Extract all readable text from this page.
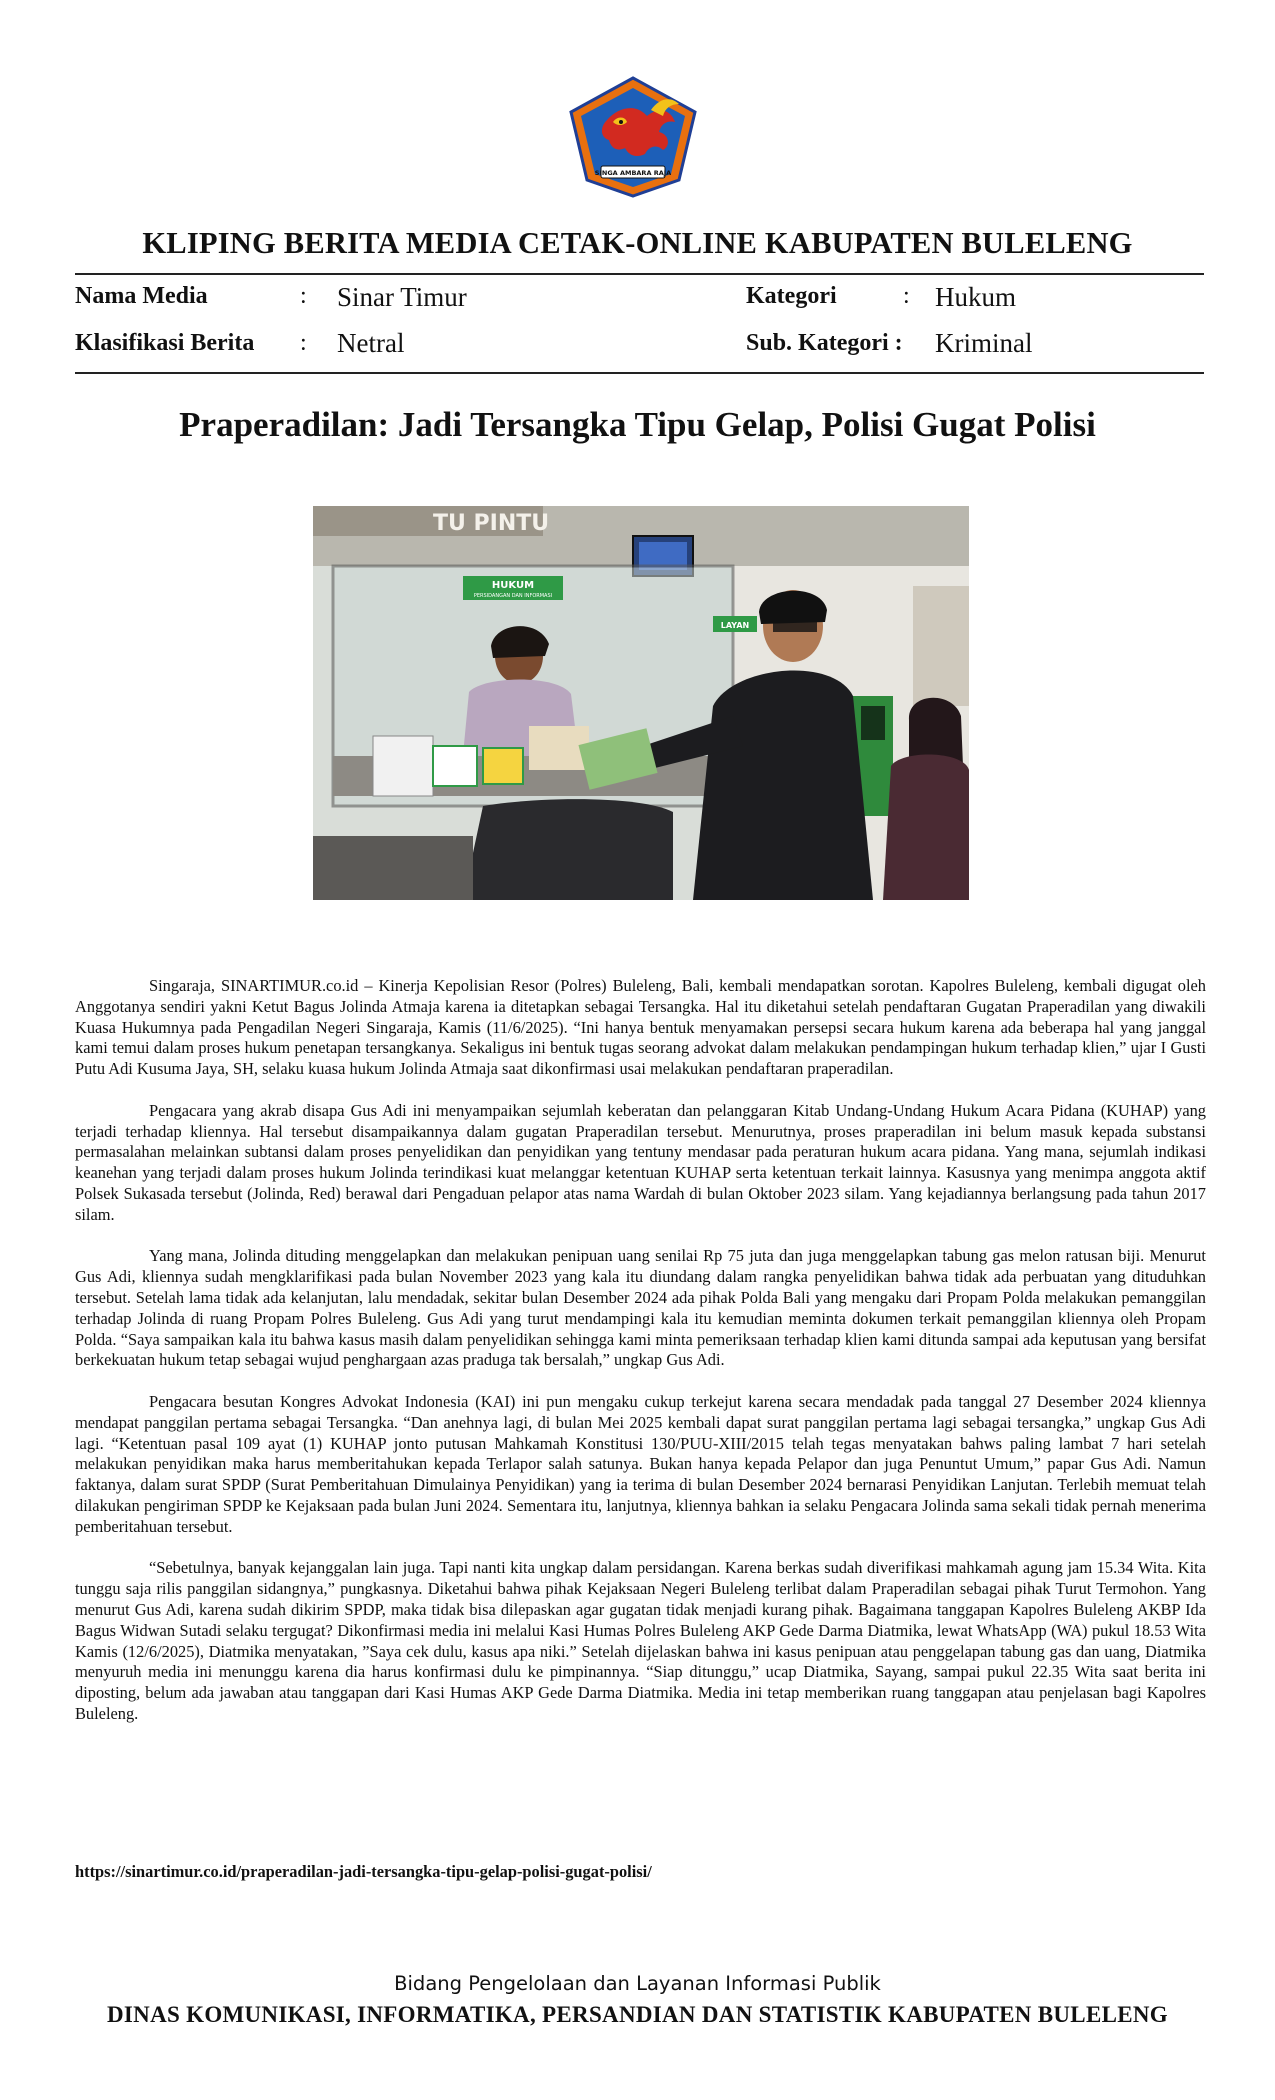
SINGA AMBARA RAJA
KLIPING BERITA MEDIA CETAK-ONLINE KABUPATEN BULELENG
Nama Media	: Sinar Timur
Klasifikasi Berita : Netral
Kategori	: Hukum
Sub. Kategori : Kriminal
Praperadilan: Jadi Tersangka Tipu Gelap, Polisi Gugat Polisi
TU PINTU
HUKUM
PERSIDANGAN DAN INFORMASI
LAYAN

Singaraja, SINARTIMUR.co.id – Kinerja Kepolisian Resor (Polres) Buleleng, Bali, kembali mendapatkan sorotan. Kapolres Buleleng, kembali digugat oleh Anggotanya sendiri yakni Ketut Bagus Jolinda Atmaja karena ia ditetapkan sebagai Tersangka. Hal itu diketahui setelah pendaftaran Gugatan Praperadilan yang diwakili Kuasa Hukumnya pada Pengadilan Negeri Singaraja, Kamis (11/6/2025). “Ini hanya bentuk menyamakan persepsi secara hukum karena ada beberapa hal yang janggal kami temui dalam proses hukum penetapan tersangkanya. Sekaligus ini bentuk tugas seorang advokat dalam melakukan pendampingan hukum terhadap klien,” ujar I Gusti Putu Adi Kusuma Jaya, SH, selaku kuasa hukum Jolinda Atmaja saat dikonfirmasi usai melakukan pendaftaran praperadilan.

Pengacara yang akrab disapa Gus Adi ini menyampaikan sejumlah keberatan dan pelanggaran Kitab Undang-Undang Hukum Acara Pidana (KUHAP) yang terjadi terhadap kliennya. Hal tersebut disampaikannya dalam gugatan Praperadilan tersebut. Menurutnya, proses praperadilan ini belum masuk kepada substansi permasalahan melainkan subtansi dalam proses penyelidikan dan penyidikan yang tentuny mendasar pada peraturan hukum acara pidana. Yang mana, sejumlah indikasi keanehan yang terjadi dalam proses hukum Jolinda terindikasi kuat melanggar ketentuan KUHAP serta ketentuan terkait lainnya. Kasusnya yang menimpa anggota aktif Polsek Sukasada tersebut (Jolinda, Red) berawal dari Pengaduan pelapor atas nama Wardah di bulan Oktober 2023 silam. Yang kejadiannya berlangsung pada tahun 2017 silam.

Yang mana, Jolinda dituding menggelapkan dan melakukan penipuan uang senilai Rp 75 juta dan juga menggelapkan tabung gas melon ratusan biji. Menurut Gus Adi, kliennya sudah mengklarifikasi pada bulan November 2023 yang kala itu diundang dalam rangka penyelidikan bahwa tidak ada perbuatan yang dituduhkan tersebut. Setelah lama tidak ada kelanjutan, lalu mendadak, sekitar bulan Desember 2024 ada pihak Polda Bali yang mengaku dari Propam Polda melakukan pemanggilan terhadap Jolinda di ruang Propam Polres Buleleng. Gus Adi yang turut mendampingi kala itu kemudian meminta dokumen terkait pemanggilan kliennya oleh Propam Polda. “Saya sampaikan kala itu bahwa kasus masih dalam penyelidikan sehingga kami minta pemeriksaan terhadap klien kami ditunda sampai ada keputusan yang bersifat berkekuatan hukum tetap sebagai wujud penghargaan azas praduga tak bersalah,” ungkap Gus Adi.

Pengacara besutan Kongres Advokat Indonesia (KAI) ini pun mengaku cukup terkejut karena secara mendadak pada tanggal 27 Desember 2024 kliennya mendapat panggilan pertama sebagai Tersangka. “Dan anehnya lagi, di bulan Mei 2025 kembali dapat surat panggilan pertama lagi sebagai tersangka,” ungkap Gus Adi lagi. “Ketentuan pasal 109 ayat (1) KUHAP jonto putusan Mahkamah Konstitusi 130/PUU-XIII/2015 telah tegas menyatakan bahws paling lambat 7 hari setelah melakukan penyidikan maka harus memberitahukan kepada Terlapor salah satunya. Bukan hanya kepada Pelapor dan juga Penuntut Umum,” papar Gus Adi. Namun faktanya, dalam surat SPDP (Surat Pemberitahuan Dimulainya Penyidikan) yang ia terima di bulan Desember 2024 bernarasi Penyidikan Lanjutan. Terlebih memuat telah dilakukan pengiriman SPDP ke Kejaksaan pada bulan Juni 2024. Sementara itu, lanjutnya, kliennya bahkan ia selaku Pengacara Jolinda sama sekali tidak pernah menerima pemberitahuan tersebut.

“Sebetulnya, banyak kejanggalan lain juga. Tapi nanti kita ungkap dalam persidangan. Karena berkas sudah diverifikasi mahkamah agung jam 15.34 Wita. Kita tunggu saja rilis panggilan sidangnya,” pungkasnya. Diketahui bahwa pihak Kejaksaan Negeri Buleleng terlibat dalam Praperadilan sebagai pihak Turut Termohon. Yang menurut Gus Adi, karena sudah dikirim SPDP, maka tidak bisa dilepaskan agar gugatan tidak menjadi kurang pihak. Bagaimana tanggapan Kapolres Buleleng AKBP Ida Bagus Widwan Sutadi selaku tergugat? Dikonfirmasi media ini melalui Kasi Humas Polres Buleleng AKP Gede Darma Diatmika, lewat WhatsApp (WA) pukul 18.53 Wita Kamis (12/6/2025), Diatmika menyatakan, ”Saya cek dulu, kasus apa niki.” Setelah dijelaskan bahwa ini kasus penipuan atau penggelapan tabung gas dan uang, Diatmika menyuruh media ini menunggu karena dia harus konfirmasi dulu ke pimpinannya. “Siap ditunggu,” ucap Diatmika, Sayang, sampai pukul 22.35 Wita saat berita ini diposting, belum ada jawaban atau tanggapan dari Kasi Humas AKP Gede Darma Diatmika. Media ini tetap memberikan ruang tanggapan atau penjelasan bagi Kapolres Buleleng.

https://sinartimur.co.id/praperadilan-jadi-tersangka-tipu-gelap-polisi-gugat-polisi/
Bidang Pengelolaan dan Layanan Informasi Publik
DINAS KOMUNIKASI, INFORMATIKA, PERSANDIAN DAN STATISTIK KABUPATEN BULELENG
